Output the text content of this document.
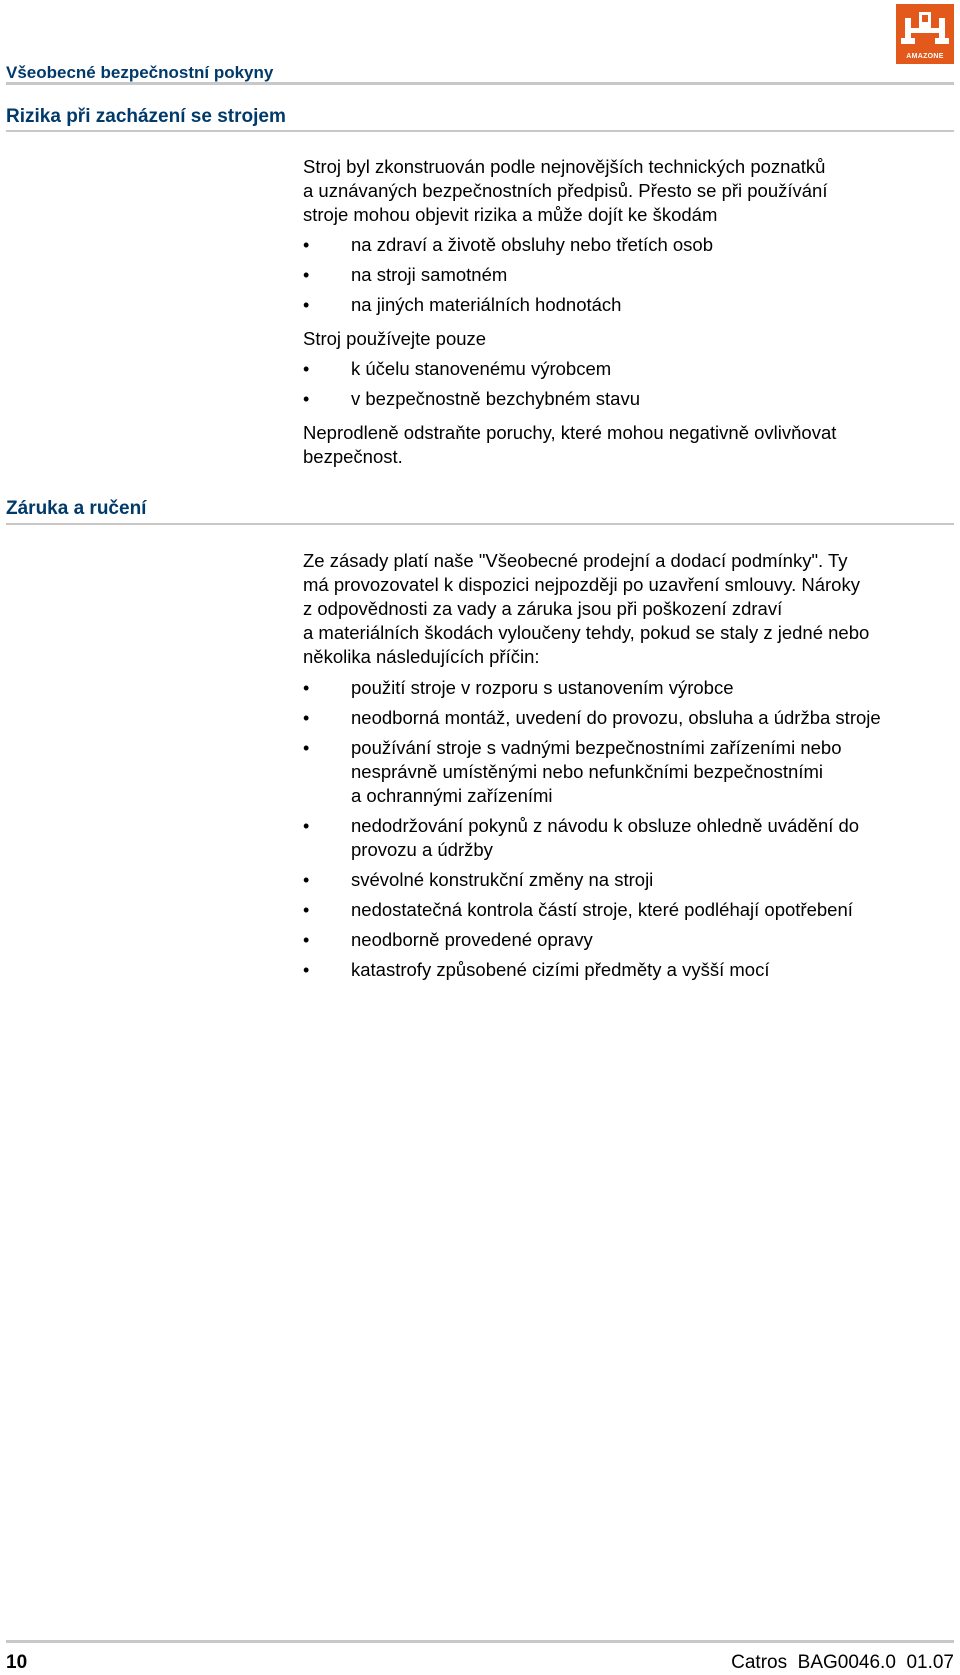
Všeobecné bezpečnostní pokyny
AMAZONE
Rizika při zacházení se strojem

Stroj byl zkonstruován podle nejnovějších technických poznatků
a uznávaných bezpečnostních předpisů. Přesto se při používání
stroje mohou objevit rizika a může dojít ke škodám

• na zdraví a životě obsluhy nebo třetích osob
• na stroji samotném
• na jiných materiálních hodnotách

Stroj používejte pouze

• k účelu stanovenému výrobcem
• v bezpečnostně bezchybném stavu

Neprodleně odstraňte poruchy, které mohou negativně ovlivňovat
bezpečnost.

Záruka a ručení

Ze zásady platí naše "Všeobecné prodejní a dodací podmínky". Ty
má provozovatel k dispozici nejpozději po uzavření smlouvy. Nároky
z odpovědnosti za vady a záruka jsou při poškození zdraví
a materiálních škodách vyloučeny tehdy, pokud se staly z jedné nebo
několika následujících příčin:

• použití stroje v rozporu s ustanovením výrobce
• neodborná montáž, uvedení do provozu, obsluha a údržba stroje
• používání stroje s vadnými bezpečnostními zařízeními nebo
nesprávně umístěnými nebo nefunkčními bezpečnostními
a ochrannými zařízeními
• nedodržování pokynů z návodu k obsluze ohledně uvádění do
provozu a údržby
• svévolné konstrukční změny na stroji
• nedostatečná kontrola částí stroje, které podléhají opotřebení
• neodborně provedené opravy
• katastrofy způsobené cizími předměty a vyšší mocí
10	Catros  BAG0046.0  01.07
